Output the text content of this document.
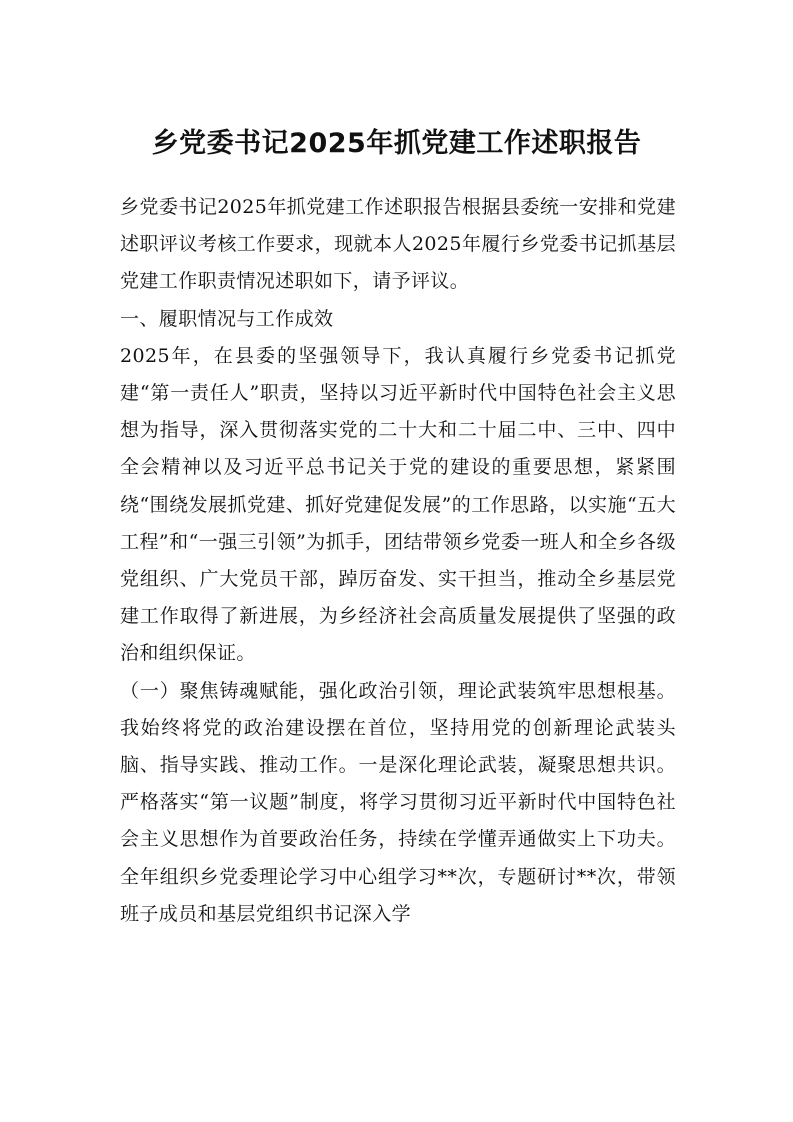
乡党委书记2025年抓党建工作述职报告

乡党委书记2025年抓党建工作述职报告根据县委统一安排和党建述职评议考核工作要求，现就本人2025年履行乡党委书记抓基层党建工作职责情况述职如下，请予评议。

一、履职情况与工作成效

2025年，在县委的坚强领导下，我认真履行乡党委书记抓党建“第一责任人”职责，坚持以习近平新时代中国特色社会主义思想为指导，深入贯彻落实党的二十大和二十届二中、三中、四中全会精神以及习近平总书记关于党的建设的重要思想，紧紧围绕“围绕发展抓党建、抓好党建促发展”的工作思路，以实施“五大工程”和“一强三引领”为抓手，团结带领乡党委一班人和全乡各级党组织、广大党员干部，踔厉奋发、实干担当，推动全乡基层党建工作取得了新进展，为乡经济社会高质量发展提供了坚强的政治和组织保证。

（一）聚焦铸魂赋能，强化政治引领，理论武装筑牢思想根基。我始终将党的政治建设摆在首位，坚持用党的创新理论武装头脑、指导实践、推动工作。一是深化理论武装，凝聚思想共识。严格落实“第一议题”制度，将学习贯彻习近平新时代中国特色社会主义思想作为首要政治任务，持续在学懂弄通做实上下功夫。全年组织乡党委理论学习中心组学习**次，专题研讨**次，带领班子成员和基层党组织书记深入学
